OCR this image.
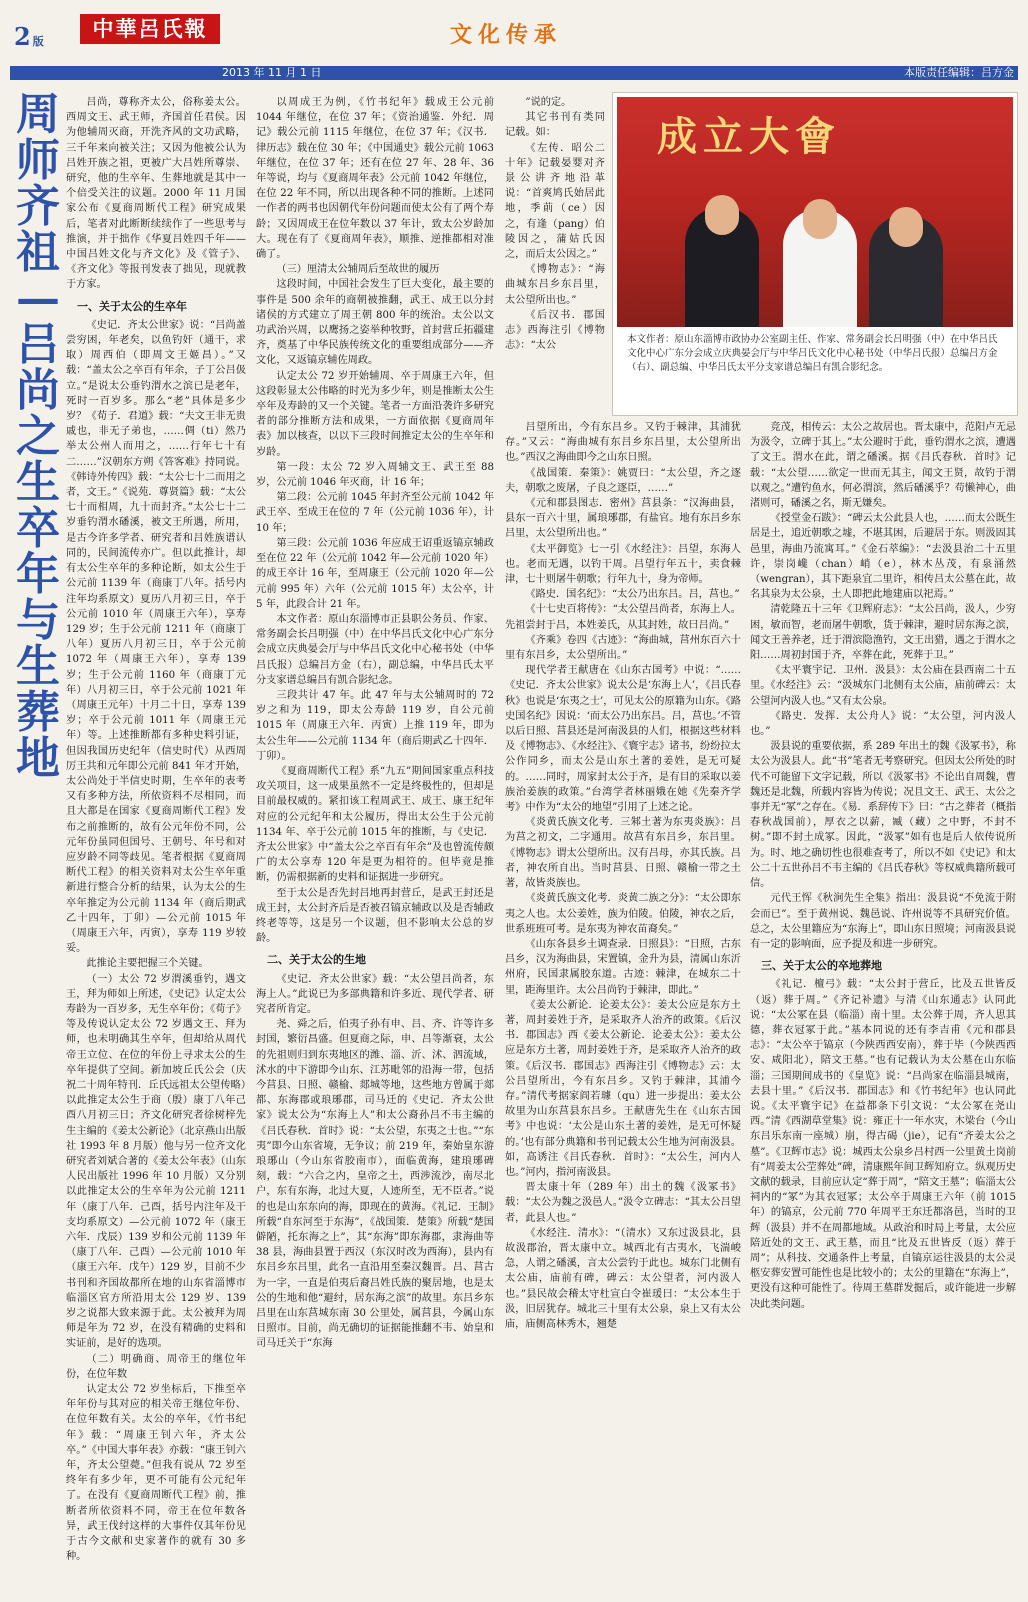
2 版
中華呂氏報
2013 年 11 月 1 日
文化传承
本版责任编辑：吕方金
周师齐祖—吕尚之生卒年与生葬地

吕尚，尊称齐太公，俗称姜太公。西周文王、武王师，齐国首任君侯。因为他辅周灭商，开洗齐风的文功武略，三千年来向被关注；又因为他被公认为吕姓开族之祖，更被广大吕姓所尊崇、研究，他的生卒年、生葬地就是其中一个倍受关注的议题。2000 年 11 月国家公布《夏商周断代工程》研究成果后，笔者对此断断续续作了一些思考与推演，并于拙作《华夏吕姓四千年——中国吕姓文化与齐文化》及《管子》、《齐文化》等报刊发表了拙见，现就教于方家。

一、关于太公的生卒年

《史记．齐太公世家》说：“吕尚盖尝穷困，年老矣，以鱼钓奸（通干，求取）周西伯（即周文王姬昌）。”又载：“盖太公之卒百有年余，子丁公吕伋立。”是说太公垂钓渭水之滨已是老年，死时一百岁多。那么“老”具体是多少岁？《荀子．君道》载：“夫文王非无贵戚也，非无子弟也，……倜（ti）然乃举太公州人而用之，……行年七十有二……”汉朝东方朔《答客难》持同说。《韩诗外传四》载：“太公七十二而用之者，文王。”《说苑．尊贤篇》载：“太公七十而相周，九十而封齐。”太公七十二岁垂钓渭水磻溪，被文王所遇，所用，是古今许多学者、研究者和吕姓族谱认同的，民间流传亦广。但以此推计，却有太公生卒年的多种论断，如太公生于公元前 1139 年（商康丁八年。括号内注年均系原文）夏历八月初三日，卒于公元前 1010 年（周康王六年），享寿 129 岁；生于公元前 1211 年（商康丁八年）夏历八月初三日，卒于公元前 1072 年（周康王六年），享寿 139 岁；生于公元前 1160 年（商康丁元年）八月初三日，卒于公元前 1021 年（周康王元年）十月二十日，享寿 139 岁；卒于公元前 1011 年（周康王元年）等。上述推断都有多种史料引证，但因我国历史纪年（信史时代）从西周厉王共和元年即公元前 841 年才开始，太公尚处于半信史时期，生卒年的表考又有多种方法，所依资料不尽相同，而且大都是在国家《夏商周断代工程》发布之前推断的，故有公元年份不同，公元年份虽同但国号、王朝号、年号和对应岁龄不同等歧见。笔者根据《夏商周断代工程》的相关资料对太公生卒年重新进行整合分析的结果，认为太公的生卒年推定为公元前 1134 年（商后期武乙十四年，丁卯）—公元前 1015 年（周康王六年，丙寅），享寿 119 岁较妥。

此推论主要把握三个关键。

（一）太公 72 岁渭溪垂钓，遇文王，拜为师如上所述，《史记》认定太公寿龄为一百岁多，无生卒年份；《荀子》等及传说认定太公 72 岁遇文王、拜为师，也未明确其生卒年，但却给从周代帝王立位、在位的年份上寻求太公的生卒年提供了空间。新加坡丘氏公会（庆祝二十周年特刊．丘氏远祖太公望传略）以此推定太公生于商（殷）康丁八年己酉八月初三日；齐文化研究者徐树梓先生主编的《姜太公新论》（北京燕山出版社 1993 年 8 月版）他与另一位齐文化研究者刘斌合著的《姜太公年表》（山东人民出版社 1996 年 10 月版）又分别以此推定太公的生卒年为公元前 1211 年（康丁八年．己酉，括号内注年及干支均系原文）—公元前 1072 年（康王六年．戊辰）139 岁和公元前 1139 年（康丁八年．己酉）—公元前 1010 年（康王六年．戊午）129 岁，目前不少书刊和齐国故都所在地的山东省淄博市临淄区官方所沿用太公 129 岁、139 岁之说都大致来源于此。太公被拜为周师是年为 72 岁，在没有精确的史料和实证前，是好的选项。

（二）明确商、周帝王的继位年份，在位年数

认定太公 72 岁坐标后，下推至卒年年份与其对应的相关帝王继位年份、在位年数有关。太公的卒年，《竹书纪年》载：“周康王钊六年，齐太公卒。”《中国大事年表》亦载：“康王钊六年，齐太公望薨。”但我有说从 72 岁至终年有多少年，更不可能有公元纪年了。在没有《夏商周断代工程》前，推断者所依资料不同，帝王在位年数各异，武王伐纣这样的大事件仅其年份见于古今文献和史家著作的就有 30 多种。

以周成王为例，《竹书纪年》载成王公元前 1044 年继位，在位 37 年；《资治通鉴．外纪．周记》载公元前 1115 年继位，在位 37 年；《汉书．律历志》载在位 30 年；《中国通史》载公元前 1063 年继位，在位 37 年；还有在位 27 年、28 年、36 年等说，均与《夏商周年表》公元前 1042 年继位，在位 22 年不同，所以出现各种不同的推断。上述同一作者的两书也因朝代年份问题而使太公有了两个寿龄；又因周成王在位年数以 37 年计，致太公岁龄加大。现在有了《夏商周年表》，顺推、逆推都相对准确了。

（三）厘清太公辅周后至故世的履历

这段时间，中国社会发生了巨大变化，最主要的事件是 500 余年的商朝被推翻，武王、成王以分封诸侯的方式建立了周王朝 800 年的统治。太公以文功武治兴周，以鹰扬之姿举种牧野，首封营丘拓疆建齐，奠基了中华民族传统文化的重要组成部分——齐文化，又返镐京辅佐周政。

认定太公 72 岁开始辅周、卒于周康王六年，但这段彰显太公伟略的时光为多少年，则是推断太公生卒年及寿龄的又一个关键。笔者一方面沿袭许多研究者的部分推断方法和成果，一方面依据《夏商周年表》加以核查，以以下三段时间推定太公的生卒年和岁龄。

第一段：太公 72 岁入周辅文王、武王至 88 岁，公元前 1046 年灭商，计 16 年；

第二段：公元前 1045 年封齐至公元前 1042 年武王卒、至成王在位的 7 年（公元前 1036 年），计 10 年；

第三段：公元前 1036 年应成王诏重返镐京辅政至在位 22 年（公元前 1042 年—公元前 1020 年）的成王卒计 16 年，至周康王（公元前 1020 年—公元前 995 年）六年（公元前 1015 年）太公卒，计 5 年，此段合计 21 年。

本文作者：原山东淄博市正县职公务员、作家、常务副会长吕明强（中）在中华吕氏文化中心广东分会成立庆典晏会厅与中华吕氏文化中心秘书处（中华吕氏报）总编吕方金（右），副总编，中华吕氏太平分支家谱总编吕有凯合影纪念。

三段共计 47 年。此 47 年与太公辅周时的 72 岁之和为 119，即太公寿龄 119 岁，自公元前 1015 年（周康王六年．丙寅）上推 119 年，即为太公生年——公元前 1134 年（商后期武乙十四年．丁卯）。

《夏商周断代工程》系“九五”期间国家重点科技攻关项目，这一成果虽然不一定是终极性的，但却是目前最权威的。紧扣该工程周武王、成王、康王纪年对应的公元纪年和太公履历，得出太公生于公元前 1134 年、卒于公元前 1015 年的推断，与《史记．齐太公世家》中“盖太公之卒百有年余”及也曾流传颇广的太公享寿 120 年是更为相符的。但毕竟是推断，仍需根据新的史料和证据进一步研究。

至于太公是否先封吕地再封营丘，是武王封还是成王封，太公封齐后是否被召镐京辅政以及是否辅政终老等等，这是另一个议题，但不影响太公总的岁龄。

二、关于太公的生地

《史记．齐太公世家》载：“太公望吕尚者，东海上人。”此说已为多部典籍和许多近、现代学者、研究者所肯定。

尧、舜之后，伯夷子孙有申、吕、齐、许等许多封国，繁衍昌盛。但夏商之际，申、吕等渐衰，太公的先祖则归到东夷地区的潍、淄、沂、沭、泗流域，沭水的中下游即今山东、江苏毗邻的沿海一带，包括今莒县、日照、赣榆、郯城等地，这些地方曾属于郯都、东海郡或琅琊郡，司马迁的《史记．齐太公世家》说太公为“东海上人”和太公裔孙吕不韦主编的《吕氏春秋．首时》说：“太公望，东夷之士也。”“东夷”即今山东省境，无争议；前 219 年，秦始皇东游琅琊山（今山东省胶南市），面临黄海，建琅琊碑刻，载：“六合之内，皇帝之土，西涉流沙，南尽北户，东有东海，北过大夏，人迹所至，无不臣者。”说的也是山东东向的海，即现在的黄海。《礼记．王制》所载“自东河至于东海”，《战国策．楚策》所载“楚国僻陋，托东海之上”，其“东海”即东海郡，隶海曲等 38 县，海曲县置于西汉（东汉时改为西海），县内有东吕乡东吕里，此名一直沿用至秦汉魏晋。吕、莒古为一字，一直是伯夷后裔吕姓氏族的聚居地，也是太公的生地和他“避纣，居东海之滨”的故里。东吕乡东吕里在山东莒城东南 30 公里处，属莒县，今属山东日照市。目前，尚无确切的证据能推翻不韦、始皇和司马迁关于“东海

”说的定。

其它书刊有类同记载。如：

《左传．昭公二十年》记载晏婴对齐景公讲齐地沿革说：“首爽鸠氏始居此地，季萴（ce）因之，有逢（pang）伯陵因之，蒲姑氏因之，而后太公因之。”

《博物志》：“海曲城东吕乡东吕里，太公望所出也。”

《后汉书．郡国志》西海注引《博物志》：“太公

吕望所出，今有东吕乡。又钓于棘津，其浦犹存。”又云：“海曲城有东吕乡东吕里，太公望所出也。”西汉之海曲即今之山东日照。

《战国策．秦策》：姚贾曰：“太公望，齐之逐夫，朝歌之废屠，子良之逐臣，……”

《元和郡县图志．密州》莒县条：“汉海曲县，县东一百六十里，属琅琊郡，有盐官。地有东吕乡东吕里，太公望所出也。”

《太平御览》七一引《水经注》：吕望，东海人也。老而无遇，以钓干周。吕望行年五十，卖食棘津，七十则屠牛朝歌；行年九十，身为帝师。

《路史．国名纪》：“太公乃出东吕。吕，莒也。”

《十七史百将传》：“太公望吕尚者，东海上人。先祖尝封于吕，本姓姜氏，从其封姓，故曰吕尚。”

《齐乘》卷四《古迹》：“海曲城，莒州东百六十里有东吕乡，太公望所出。”

现代学者王献唐在《山东古国考》中说：“……《史记．齐太公世家》说太公是‘东海上人’，《吕氏春秋》也说是‘东夷之士’，可见太公的原籍为山东。《路史国名纪》因说：‘而太公乃出东吕。吕，莒也。’不管以后日照、莒县还是河南汲县的人们，根据这些材料及《博物志》、《水经注》、《寰宇志》诸书，纷纷拉太公作同乡，而太公是山东土著的姜姓，是无可疑的。……同时，周家封太公于齐，是有目的采取以姜族治姜族的政策。”台湾学者林丽娥在她《先秦齐学考》中作为“太公的地望”引用了上述之论。

《炎黄氏族文化考．三邾土著为东夷炎族》：吕为莒之初文，二字通用。故莒有东吕乡，东吕里。《博物志》谓太公望所出。汉有吕母，亦其氏族。吕者，神农所自出。当时莒县、日照、赣榆一带之土著，故皆炎族也。

《炎黄氏族文化考．炎黄二族之分》：“太公即东夷之人也。太公姜姓，族为伯陵。伯陵，神农之后，世系班班可考。是东夷为神农苗裔矣。”

《山东各县乡土调查录．日照县》：“日照，古东吕乡，汉为海曲县，宋置镇，金升为县，清属山东沂州府，民国隶属胶东道。古迹：棘津，在城东二十里，距海里许。太公吕尚钓于棘津，即此。”

《姜太公新论．论姜太公》：姜太公应是东方土著，周封姜姓于齐，是采取齐人治齐的政策。《后汉书．郡国志》西《姜太公新论．论姜太公》：姜太公应是东方土著，周封姜姓于齐，是采取齐人治齐的政策。《后汉书．郡国志》西海注引《博物志》云：太公吕望所出，今有东吕乡。又钓于棘津，其浦今存。”清代考据家阎若璩（qu）进一步提出：姜太公故里为山东莒县东吕乡。王献唐先生在《山东古国考》中也说：‘太公是山东土著的姜姓，是无可怀疑的。’也有部分典籍和书刊记载太公生地为河南汲县。如，高诱注《吕氏春秋．首时》：“太公生，河内人也。”河内，指河南汲县。

晋太康十年（289 年）出土的魏《汲冢书》载：“太公为魏之汲邑人。”汲令立碑志：“其太公吕望者，此县人也。”

《水经注．清水》：“（清水）又东过汲县北，县故汲郡治，晋太康中立。城西北有古夷水，飞湍峻急，人谓之磻溪，言太公尝钓于此也。城东门北侧有太公庙，庙前有碑，碑云：太公望者，河内汲人也。”县民故会稽太守杜宣白令崔瑗曰：“太公本生于汲，旧居犹存。城北三十里有太公泉，泉上又有太公庙，庙侧高林秀木，翘楚

竞茂，相传云：太公之故居也。晋太康中，范阳卢无忌为汲令，立碑于其上。”太公避时于此，垂钓渭水之滨，遭遇了文王。渭水在此，谓之磻溪。据《吕氏春秋．首时》记载：“太公望……欲定一世而无其主，闻文王贤，故钓于渭以观之。”遭钓鱼水，何必渭滨，然后磻溪乎？苟懒神心，曲渚则可，磻溪之名，斯无嫌矣。

《授堂金石跋》：“碑云太公此县人也，……而太公既生居是土，追近朝歌之墟，不堪其困，后避居于东。则汲固其邑里，海曲乃流寓耳。”《金石萃编》：“去汲县治二十五里许，崇岗巉（chan）峭（e），林木丛茂，有泉涌然（wengran），其下距泉宜二里许，相传吕太公墓在此，故名其泉为太公泉，土人即把此地建庙以祀焉。”

清乾隆五十三年《卫辉府志》：“太公吕尚，汲人，少穷困，敏而智，老而屠牛朝歌，货于棘津，避时居东海之滨，闻文王善养老，迁于渭滨隐渔钓，文王出猎，遇之于渭水之阳……周初封国于齐，卒葬在此，死葬于卫。”

《太平寰宇记．卫州．汲县》：太公庙在县西南二十五里。《水经注》云：“汲城东门北侧有太公庙，庙前碑云：太公望河内汲人也。”又有太公泉。

《路史．发挥．太公舟人》说：“太公望，河内汲人也。”

汲县说的重要依据，系 289 年出土的魏《汲冢书》，称太公为汲县人。此“书”笔者无考察研究。但因太公所处的时代不可能留下文字记载，所以《汲冢书》不论出自周魏，曹魏还是北魏，所载内容皆为传说；况且文王、武王、太公之事并无“冢”之存在。《易．系辞传下》曰：“古之葬者（概指春秋战国前），厚衣之以薪，臧（藏）之中野，不封不树。”即不封土成冢。因此，“汲冢”如有也是后人依传说所为。时、地之确切性也很难查考了，所以不如《史记》和太公二十五世孙吕不韦主编的《吕氏春秋》等权威典籍所载可信。

元代王恽《秋涧先生全集》指出：汲县说“不免流于附会而已”。至于黄州说、魏邑说、许州说等不具研究价值。总之，太公里籍应为“东海上”，即山东日照境；河南汲县说有一定的影响面，应予提及和进一步研究。

三、关于太公的卒地葬地

《礼记．檀弓》载：“太公封于营丘，比及五世皆反（返）葬于周。”《齐记补遗》与清《山东通志》认同此说：“太公冢在县（临淄）南十里。太公葬于周，齐人思其德，葬衣冠冢于此。”基本同说的还有李吉甫《元和郡县志》：“太公卒于镐京（今陕西西安南），葬于毕（今陕西西安、咸阳北），陪文王墓。”也有记载认为太公墓在山东临淄；三国期间成书的《皇览》说：“吕尚家在临淄县城南，去县十里。”《后汉书．郡国志》和《竹书纪年》也认同此说。《太平寰宇记》在益都条下引文说：“太公冢在尧山西。”清《西湖草堂集》说：雍正十一年水灾，木梁台（今山东吕乐东南一座城）崩，得古碣（jie），记有“齐姜太公之墓”。《卫辉市志》说：城西太公泉乡吕村西一公里黄土岗前有“周姜太公茔葬处”碑，清康熙年间卫辉知府立。纵观历史文献的载录，目前应认定“葬于周”，“陪文王墓”；临淄太公祠内的“冢”为其衣冠冢；太公卒于周康王六年（前 1015 年）的镐京，公元前 770 年周平王东迁都洛邑，当时的卫辉（汲县）并不在周都地域。从政治和时局上考量，太公应陪近处的文王、武王墓，而且“比及五世皆反（返）葬于周”；从科技、交通条件上考量，自镐京运往汲县的太公灵柩安葬安置可能性也是比较小的；太公的里籍在“东海上”，更没有这种可能性了。待周王墓群发掘后，或许能进一步解决此类问题。

成立大會
本文作者：原山东淄博市政协办公室副主任、作家、常务副会长吕明强（中）在中华吕氏文化中心广东分会成立庆典晏会厅与中华吕氏文化中心秘书处（中华吕氏报）总编吕方金（右）、副总编、中华吕氏太平分支家谱总编吕有凯合影纪念。
